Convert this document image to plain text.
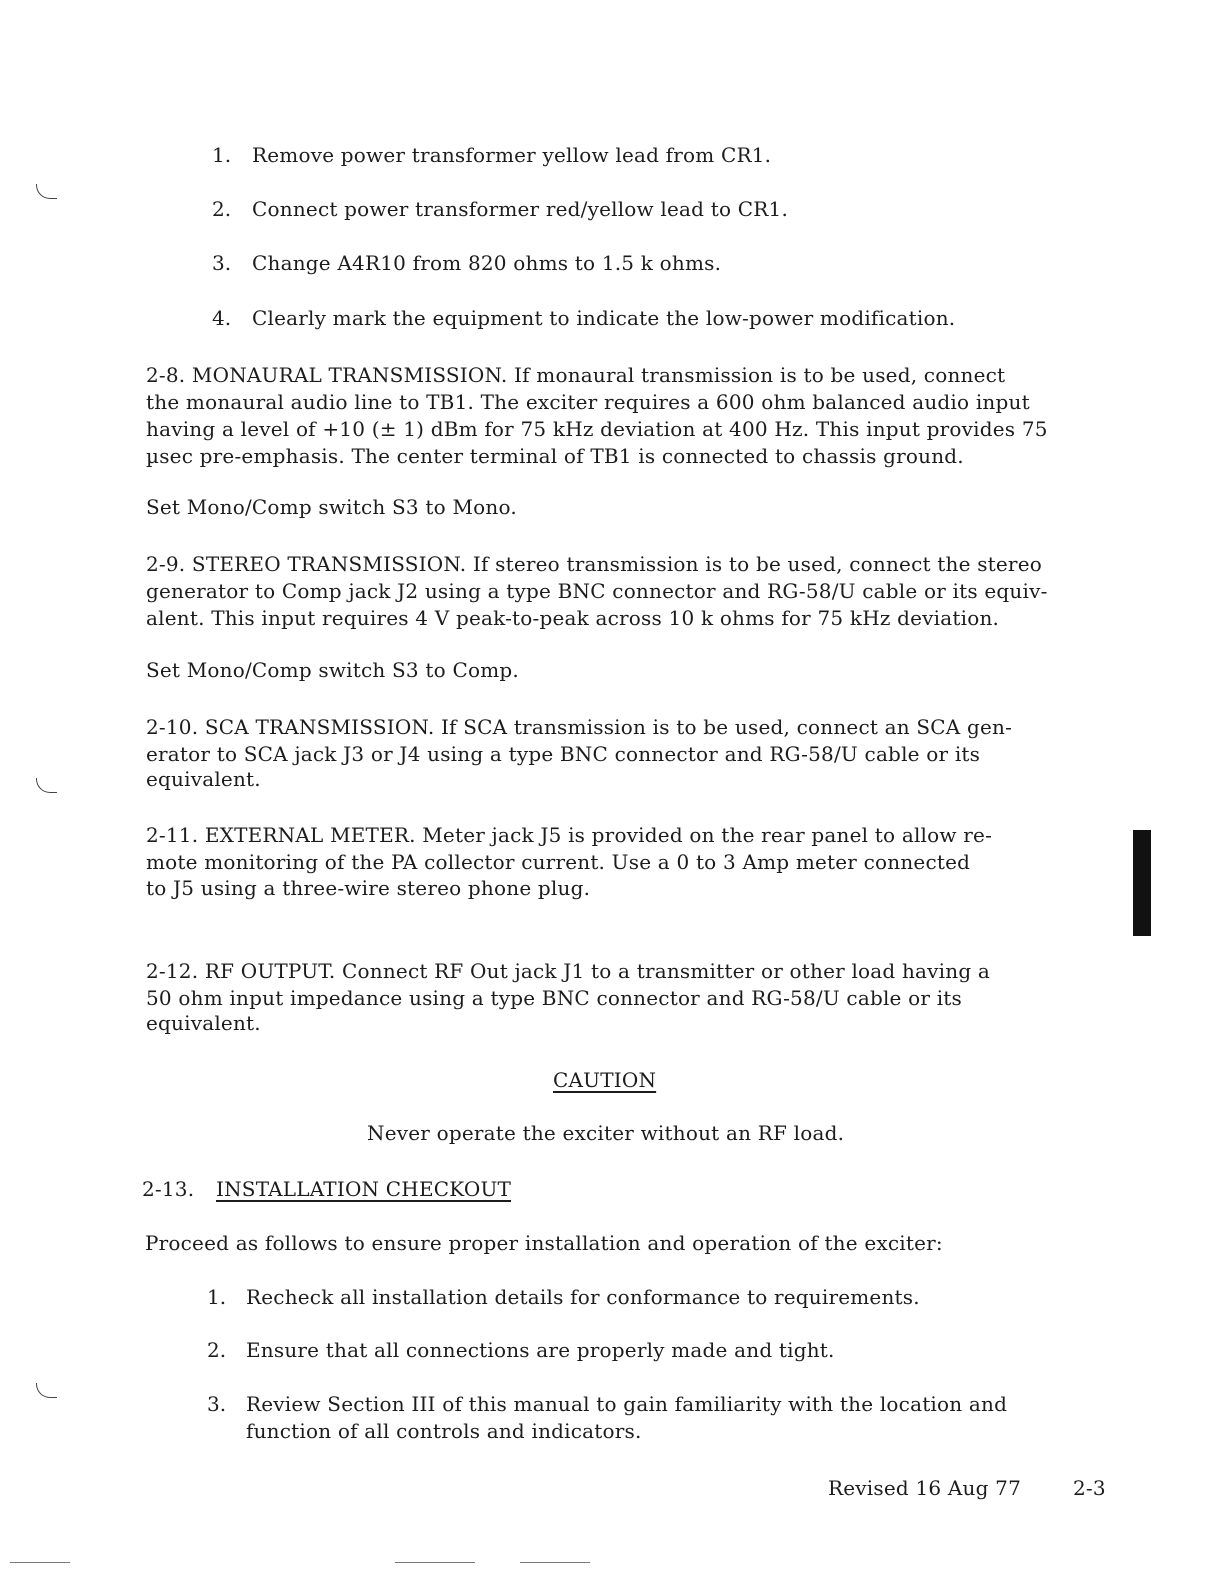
1. Remove power transformer yellow lead from CR1.
2. Connect power transformer red/yellow lead to CR1.
3. Change A4R10 from 820 ohms to 1.5 k ohms.
4. Clearly mark the equipment to indicate the low-power modification.
2-8. MONAURAL TRANSMISSION. If monaural transmission is to be used, connect
the monaural audio line to TB1. The exciter requires a 600 ohm balanced audio input
having a level of +10 (± 1) dBm for 75 kHz deviation at 400 Hz. This input provides 75
µsec pre-emphasis. The center terminal of TB1 is connected to chassis ground.
Set Mono/Comp switch S3 to Mono.
2-9. STEREO TRANSMISSION. If stereo transmission is to be used, connect the stereo
generator to Comp jack J2 using a type BNC connector and RG-58/U cable or its equiv-
alent. This input requires 4 V peak-to-peak across 10 k ohms for 75 kHz deviation.
Set Mono/Comp switch S3 to Comp.
2-10. SCA TRANSMISSION. If SCA transmission is to be used, connect an SCA gen-
erator to SCA jack J3 or J4 using a type BNC connector and RG-58/U cable or its
equivalent.
2-11. EXTERNAL METER. Meter jack J5 is provided on the rear panel to allow re-
mote monitoring of the PA collector current. Use a 0 to 3 Amp meter connected
to J5 using a three-wire stereo phone plug.
2-12. RF OUTPUT. Connect RF Out jack J1 to a transmitter or other load having a
50 ohm input impedance using a type BNC connector and RG-58/U cable or its
equivalent.
CAUTION
Never operate the exciter without an RF load.
2-13. INSTALLATION CHECKOUT
Proceed as follows to ensure proper installation and operation of the exciter:
1. Recheck all installation details for conformance to requirements.
2. Ensure that all connections are properly made and tight.
3. Review Section III of this manual to gain familiarity with the location and
function of all controls and indicators.
Revised 16 Aug 77	2-3
